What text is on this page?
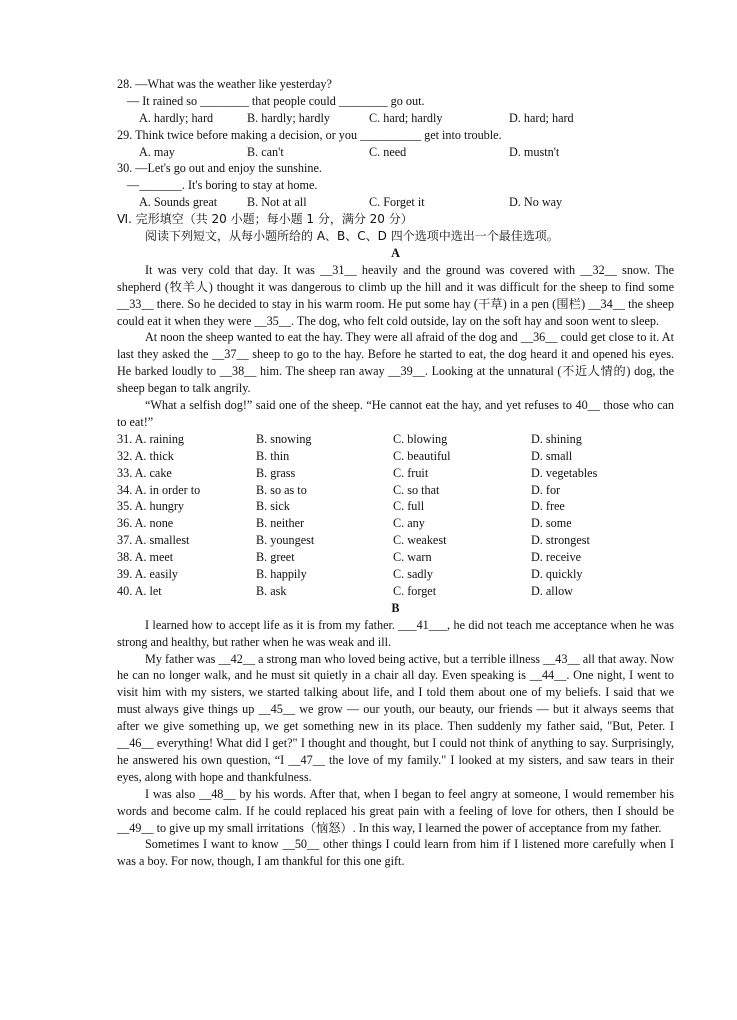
28. —What was the weather like yesterday?
— It rained so ________ that people could ________ go out.
A. hardly; hard	B. hardly; hardly	C. hard; hardly	D. hard; hard
29. Think twice before making a decision, or you __________ get into trouble.
A. may	B. can't	C. need	D. mustn't
30. —Let's go out and enjoy the sunshine.
—_______. It's boring to stay at home.
A. Sounds great B. Not at all	C. Forget it	D. No way
Ⅵ. 完形填空（共 20 小题；每小题 1 分，满分 20 分）
阅读下列短文，从每小题所给的 A、B、C、D 四个选项中选出一个最佳选项。
A
It was very cold that day. It was __31__ heavily and the ground was covered with __32__ snow. The shepherd (牧羊人) thought it was dangerous to climb up the hill and it was difficult for the sheep to find some __33__ there. So he decided to stay in his warm room. He put some hay (干草) in a pen (围栏) __34__ the sheep could eat it when they were __35__. The dog, who felt cold outside, lay on the soft hay and soon went to sleep.
At noon the sheep wanted to eat the hay. They were all afraid of the dog and __36__ could get close to it. At last they asked the __37__ sheep to go to the hay. Before he started to eat, the dog heard it and opened his eyes. He barked loudly to __38__ him. The sheep ran away __39__. Looking at the unnatural (不近人情的) dog, the sheep began to talk angrily.
“What a selfish dog!” said one of the sheep. “He cannot eat the hay, and yet refuses to 40__ those who can to eat!”
31. A. raining	B. snowing	C. blowing	D. shining
32. A. thick	B. thin	C. beautiful	D. small
33. A. cake	B. grass	C. fruit	D. vegetables
34. A. in order to	B. so as to	C. so that	D. for
35. A. hungry	B. sick	C. full	D. free
36. A. none	B. neither	C. any	D. some
37. A. smallest	B. youngest	C. weakest	D. strongest
38. A. meet	B. greet	C. warn	D. receive
39. A. easily	B. happily	C. sadly	D. quickly
40. A. let	B. ask	C. forget	D. allow
B
I learned how to accept life as it is from my father. ___41___, he did not teach me acceptance when he was strong and healthy, but rather when he was weak and ill.
My father was __42__ a strong man who loved being active, but a terrible illness __43__ all that away. Now he can no longer walk, and he must sit quietly in a chair all day. Even speaking is __44__. One night, I went to visit him with my sisters, we started talking about life, and I told them about one of my beliefs. I said that we must always give things up __45__ we grow — our youth, our beauty, our friends — but it always seems that after we give something up, we get something new in its place. Then suddenly my father said, "But, Peter. I __46__ everything! What did I get?" I thought and thought, but I could not think of anything to say. Surprisingly, he answered his own question, “I __47__ the love of my family." I looked at my sisters, and saw tears in their eyes, along with hope and thankfulness.
I was also __48__ by his words. After that, when I began to feel angry at someone, I would remember his words and become calm. If he could replaced his great pain with a feeling of love for others, then I should be __49__ to give up my small irritations（恼怒）. In this way, I learned the power of acceptance from my father.
Sometimes I want to know __50__ other things I could learn from him if I listened more carefully when I was a boy. For now, though, I am thankful for this one gift.
